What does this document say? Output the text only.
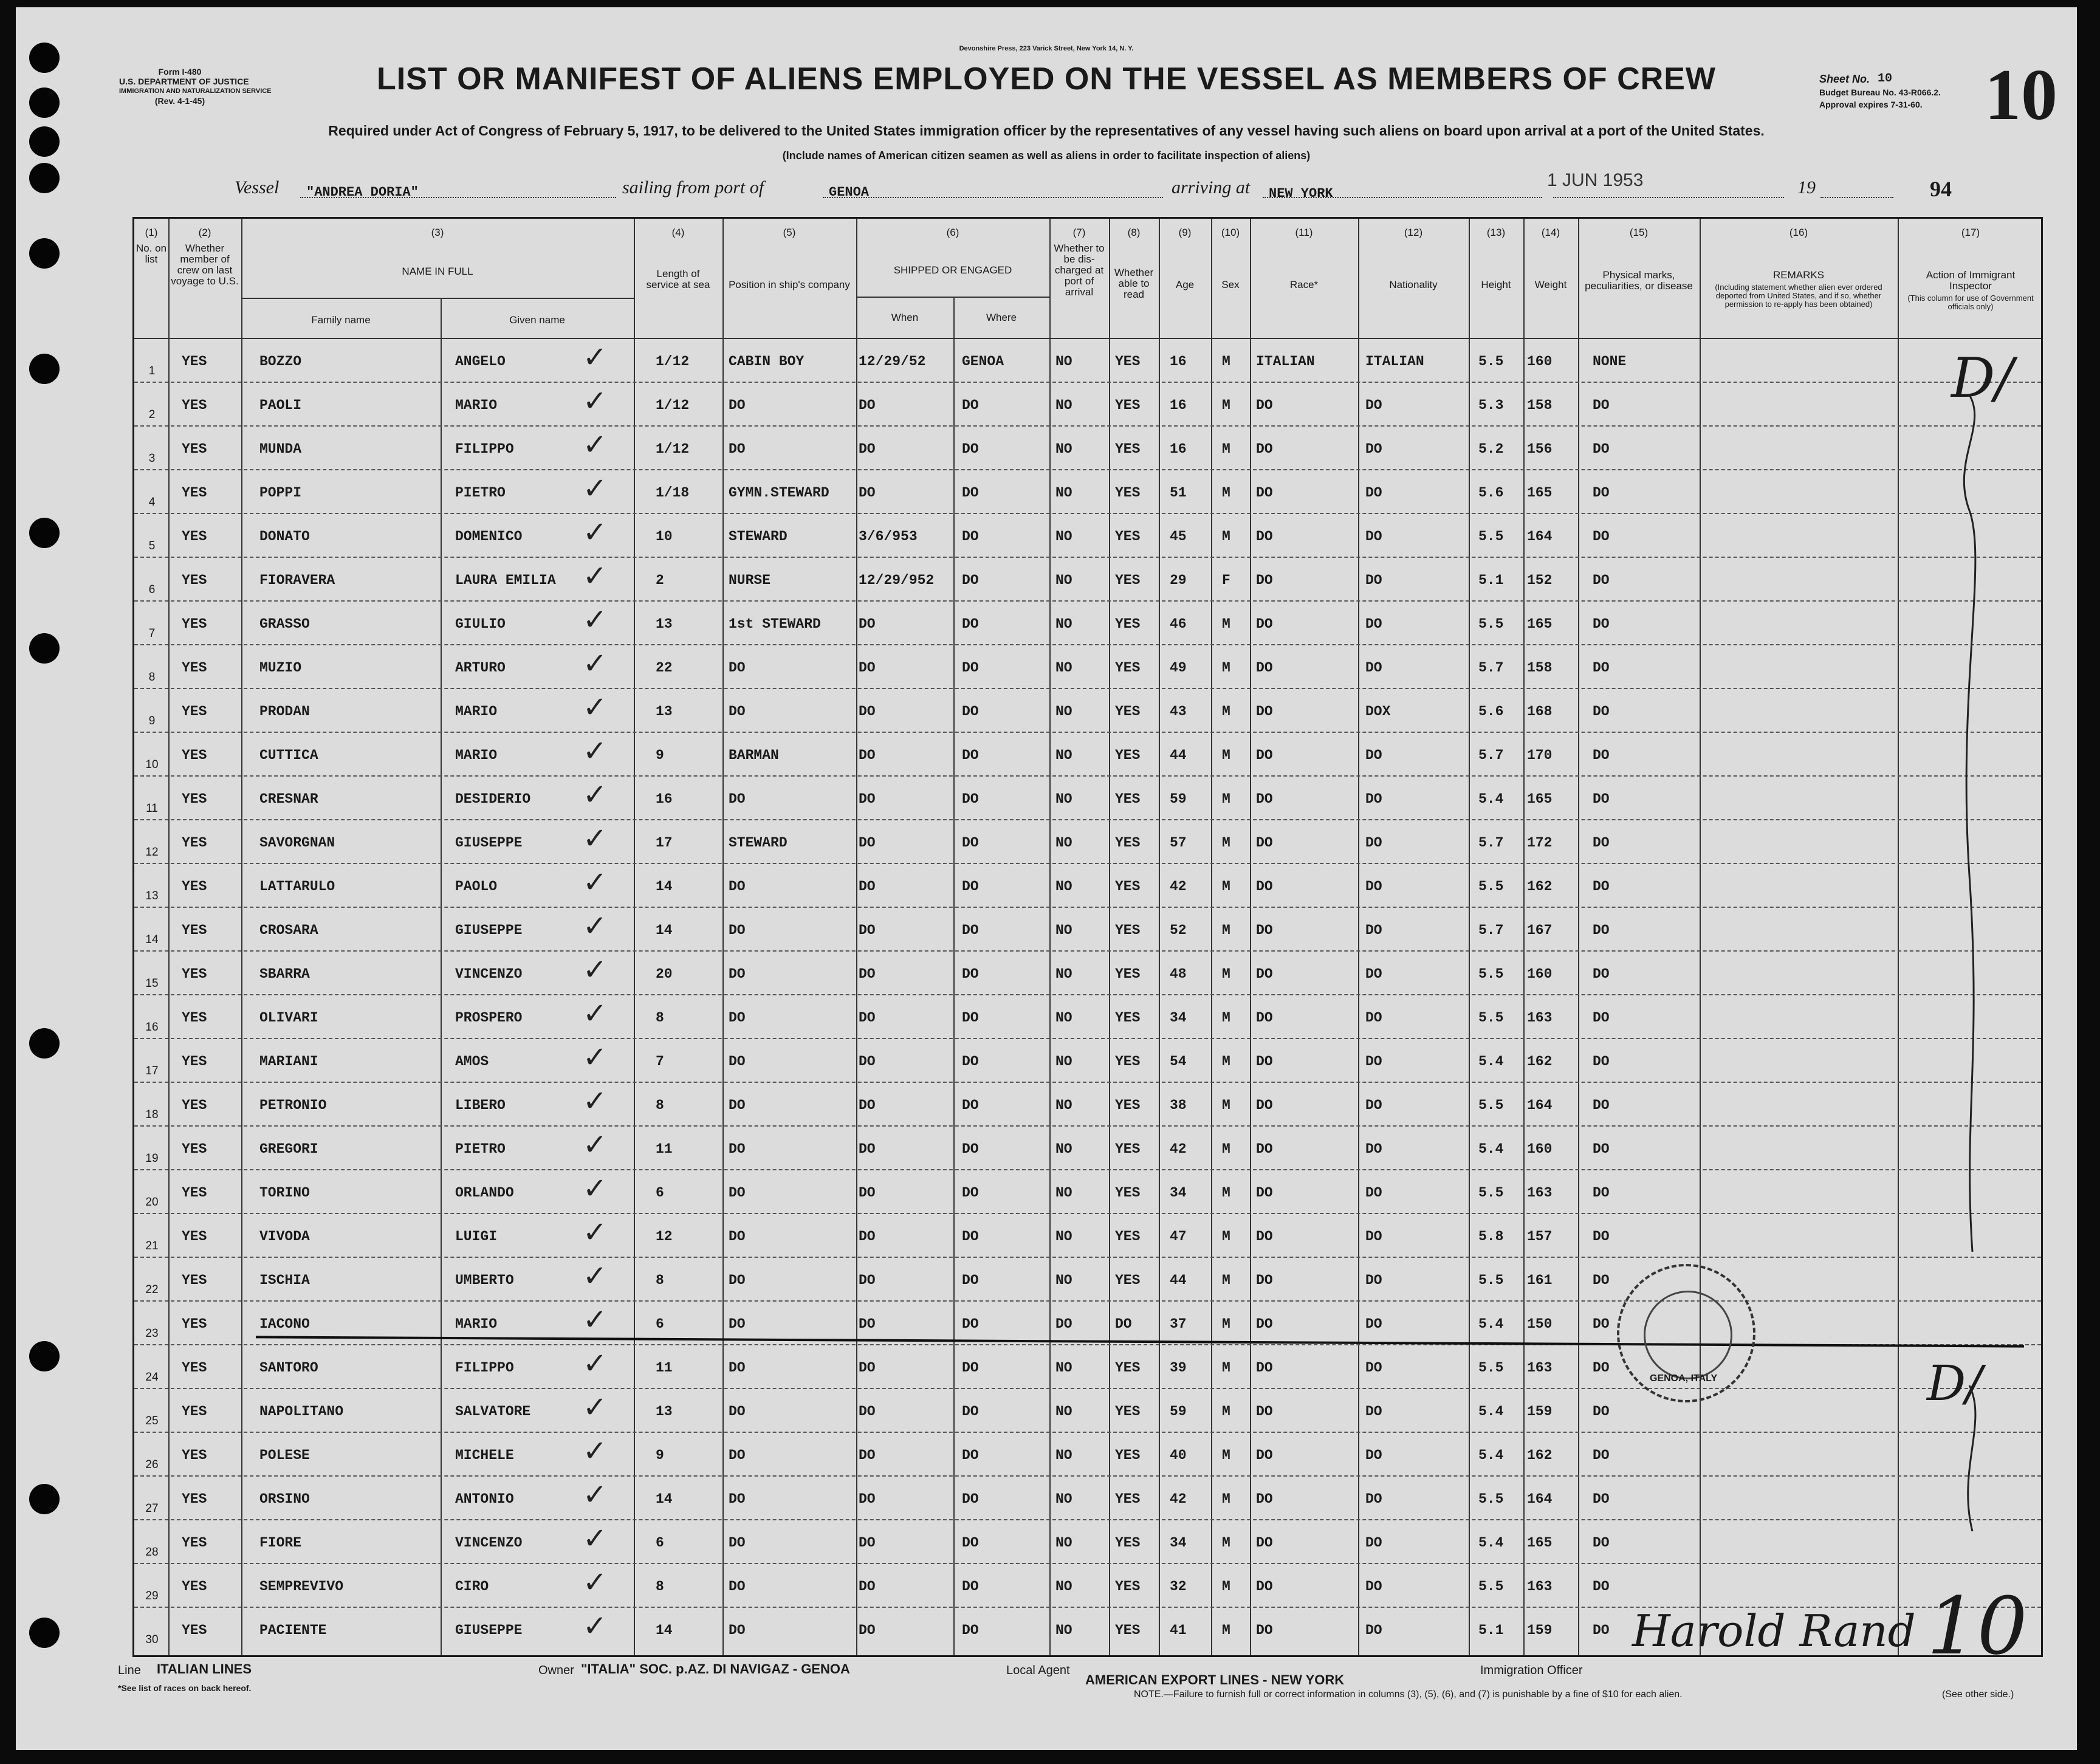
Form I-480
U.S. DEPARTMENT OF JUSTICE
IMMIGRATION AND NATURALIZATION SERVICE
(Rev. 4-1-45)
Devonshire Press, 223 Varick Street, New York 14, N. Y.
LIST OR MANIFEST OF ALIENS EMPLOYED ON THE VESSEL AS MEMBERS OF CREW
Required under Act of Congress of February 5, 1917, to be delivered to the United States immigration officer by the representatives of any vessel having such aliens on board upon arrival at a port of the United States.
(Include names of American citizen seamen as well as aliens in order to facilitate inspection of aliens)
Sheet No. 10
Budget Bureau No. 43-R066.2.
Approval expires 7-31-60. 10
Vessel "ANDREA DORIA"	sailing from port of	GENOA	arriving at NEW YORK
1 JUN 1953	19	94
(1)
No. on list
(2)
Whether member of crew on last voyage to U.S.
(3)
NAME IN FULL
Family name	Given name
(4)
Length of service at sea
(5)
Position in ship's company
(6)
SHIPPED OR ENGAGED
When	Where
(7)
Whether to be dis-charged at port of arrival
(8)
Whether able to read
(9)
Age
(10)
Sex
(11)
Race*
(12)
Nationality
(13)
Height
(14)
Weight
(15)
Physical marks, peculiarities, or disease
(16)
REMARKS
(Including statement whether alien ever ordered deported from United States, and if so, whether permission to re-apply has been obtained)
(17)
Action of Immigrant Inspector
(This column for use of Government officials only)
1
YES	BOZZO	ANGELO	1/12	CABIN BOY	12/29/52	GENOA	NO	YES 16	M ITALIAN	ITALIAN	5.5 160	NONE
✓
2
YES	PAOLI	MARIO	1/12	DO	DO	DO	NO	YES 16	M DO	DO	5.3 158	DO
✓
3
YES	MUNDA	FILIPPO	1/12	DO	DO	DO	NO	YES 16	M DO	DO	5.2 156	DO
✓
4
YES	POPPI	PIETRO	1/18	GYMN.STEWARD DO	DO	NO	YES 51	M DO	DO	5.6 165	DO
✓
5
YES	DONATO	DOMENICO	10	STEWARD	3/6/953	DO	NO	YES 45	M DO	DO	5.5 164	DO
✓
6
YES	FIORAVERA	LAURA EMILIA	2	NURSE	12/29/952 DO	NO	YES 29	F DO	DO	5.1 152	DO
✓
7
YES	GRASSO	GIULIO	13	1st STEWARD	DO	DO	NO	YES 46	M DO	DO	5.5 165	DO
✓
8
YES	MUZIO	ARTURO	22	DO	DO	DO	NO	YES 49	M DO	DO	5.7 158	DO
✓
9
YES	PRODAN	MARIO	13	DO	DO	DO	NO	YES 43	M DO	DOX	5.6 168	DO
✓
10
YES	CUTTICA	MARIO	9	BARMAN	DO	DO	NO	YES 44	M DO	DO	5.7 170	DO
✓
11
YES	CRESNAR	DESIDERIO	16	DO	DO	DO	NO	YES 59	M DO	DO	5.4 165	DO
✓
12
YES	SAVORGNAN	GIUSEPPE	17	STEWARD	DO	DO	NO	YES 57	M DO	DO	5.7 172	DO
✓
13
YES	LATTARULO	PAOLO	14	DO	DO	DO	NO	YES 42	M DO	DO	5.5 162	DO
✓
14
YES	CROSARA	GIUSEPPE	14	DO	DO	DO	NO	YES 52	M DO	DO	5.7 167	DO
✓
15
YES	SBARRA	VINCENZO	20	DO	DO	DO	NO	YES 48	M DO	DO	5.5 160	DO
✓
16
YES	OLIVARI	PROSPERO	8	DO	DO	DO	NO	YES 34	M DO	DO	5.5 163	DO
✓
17
YES	MARIANI	AMOS	7	DO	DO	DO	NO	YES 54	M DO	DO	5.4 162	DO
✓
18
YES	PETRONIO	LIBERO	8	DO	DO	DO	NO	YES 38	M DO	DO	5.5 164	DO
✓
19
YES	GREGORI	PIETRO	11	DO	DO	DO	NO	YES 42	M DO	DO	5.4 160	DO
✓
20
YES	TORINO	ORLANDO	6	DO	DO	DO	NO	YES 34	M DO	DO	5.5 163	DO
✓
21
YES	VIVODA	LUIGI	12	DO	DO	DO	NO	YES 47	M DO	DO	5.8 157	DO
✓
22
YES	ISCHIA	UMBERTO	8	DO	DO	DO	NO	YES 44	M DO	DO	5.5 161	DO
✓
23
YES	IACONO	MARIO	6	DO	DO	DO	DO	DO	37	M DO	DO	5.4 150	DO
✓
24
YES	SANTORO	FILIPPO	11	DO	DO	DO	NO	YES 39	M DO	DO	5.5 163	DO
✓
25
YES	NAPOLITANO	SALVATORE	13	DO	DO	DO	NO	YES 59	M DO	DO	5.4 159	DO
✓
26
YES	POLESE	MICHELE	9	DO	DO	DO	NO	YES 40	M DO	DO	5.4 162	DO
✓
27
YES	ORSINO	ANTONIO	14	DO	DO	DO	NO	YES 42	M DO	DO	5.5 164	DO
✓
28
YES	FIORE	VINCENZO	6	DO	DO	DO	NO	YES 34	M DO	DO	5.4 165	DO
✓
29
YES	SEMPREVIVO	CIRO	8	DO	DO	DO	NO	YES 32	M DO	DO	5.5 163	DO
✓
30
YES	PACIENTE	GIUSEPPE	14	DO	DO	DO	NO	YES 41	M DO	DO	5.1 159	DO
✓
D/
D/
10
GENOA, ITALY
Line ITALIAN LINES
*See list of races on back hereof.
Owner "ITALIA" SOC. p.AZ. DI NAVIGAZ - GENOA	Local Agent
AMERICAN EXPORT LINES - NEW YORK
Immigration Officer
Harold Rand
NOTE.—Failure to furnish full or correct information in columns (3), (5), (6), and (7) is punishable by a fine of $10 for each alien.	(See other side.)
